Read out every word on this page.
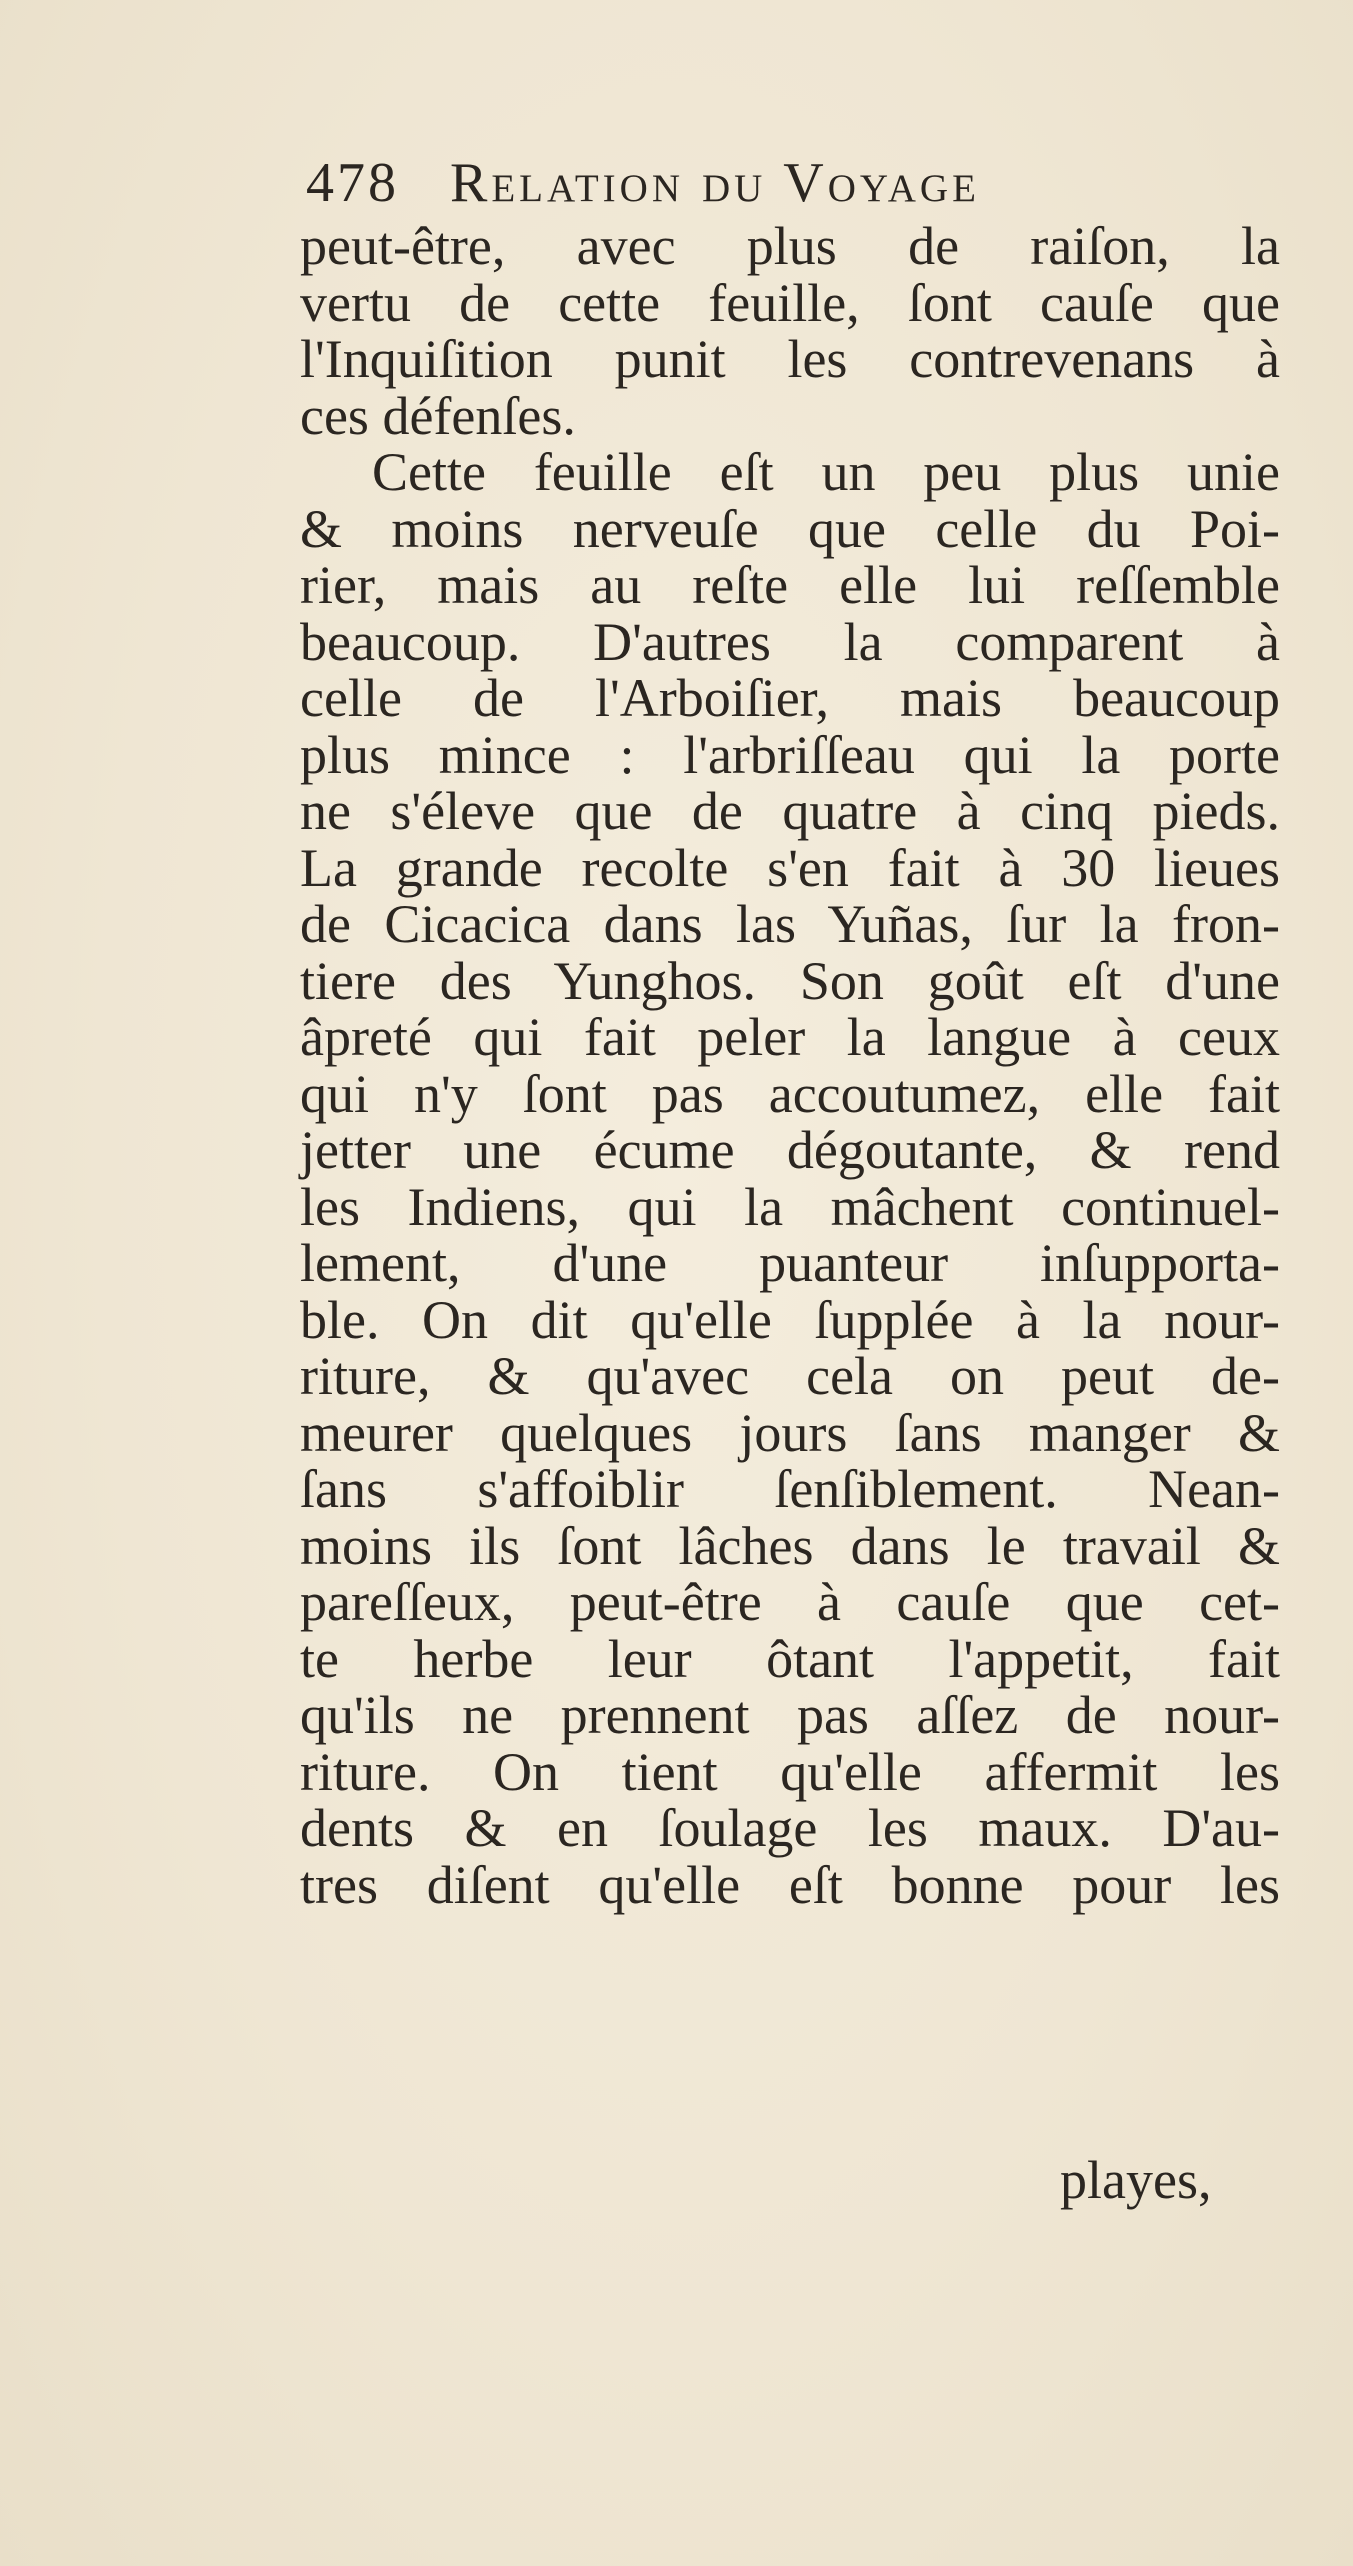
478 Relation du Voyage
peut-être, avec plus de raiſon, la
vertu de cette feuille, ſont cauſe que
l'Inquiſition punit les contrevenans à
ces défenſes.
Cette feuille eſt un peu plus unie
& moins nerveuſe que celle du Poi-
rier, mais au reſte elle lui reſſemble
beaucoup. D'autres la comparent à
celle de l'Arboiſier, mais beaucoup
plus mince : l'arbriſſeau qui la porte
ne s'éleve que de quatre à cinq pieds.
La grande recolte s'en fait à 30 lieues
de Cicacica dans las Yuñas, ſur la fron-
tiere des Yunghos. Son goût eſt d'une
âpreté qui fait peler la langue à ceux
qui n'y ſont pas accoutumez, elle fait
jetter une écume dégoutante, & rend
les Indiens, qui la mâchent continuel-
lement, d'une puanteur inſupporta-
ble. On dit qu'elle ſupplée à la nour-
riture, & qu'avec cela on peut de-
meurer quelques jours ſans manger &
ſans s'affoiblir ſenſiblement. Nean-
moins ils ſont lâches dans le travail &
pareſſeux, peut-être à cauſe que cet-
te herbe leur ôtant l'appetit, fait
qu'ils ne prennent pas aſſez de nour-
riture. On tient qu'elle affermit les
dents & en ſoulage les maux. D'au-
tres diſent qu'elle eſt bonne pour les
playes,
